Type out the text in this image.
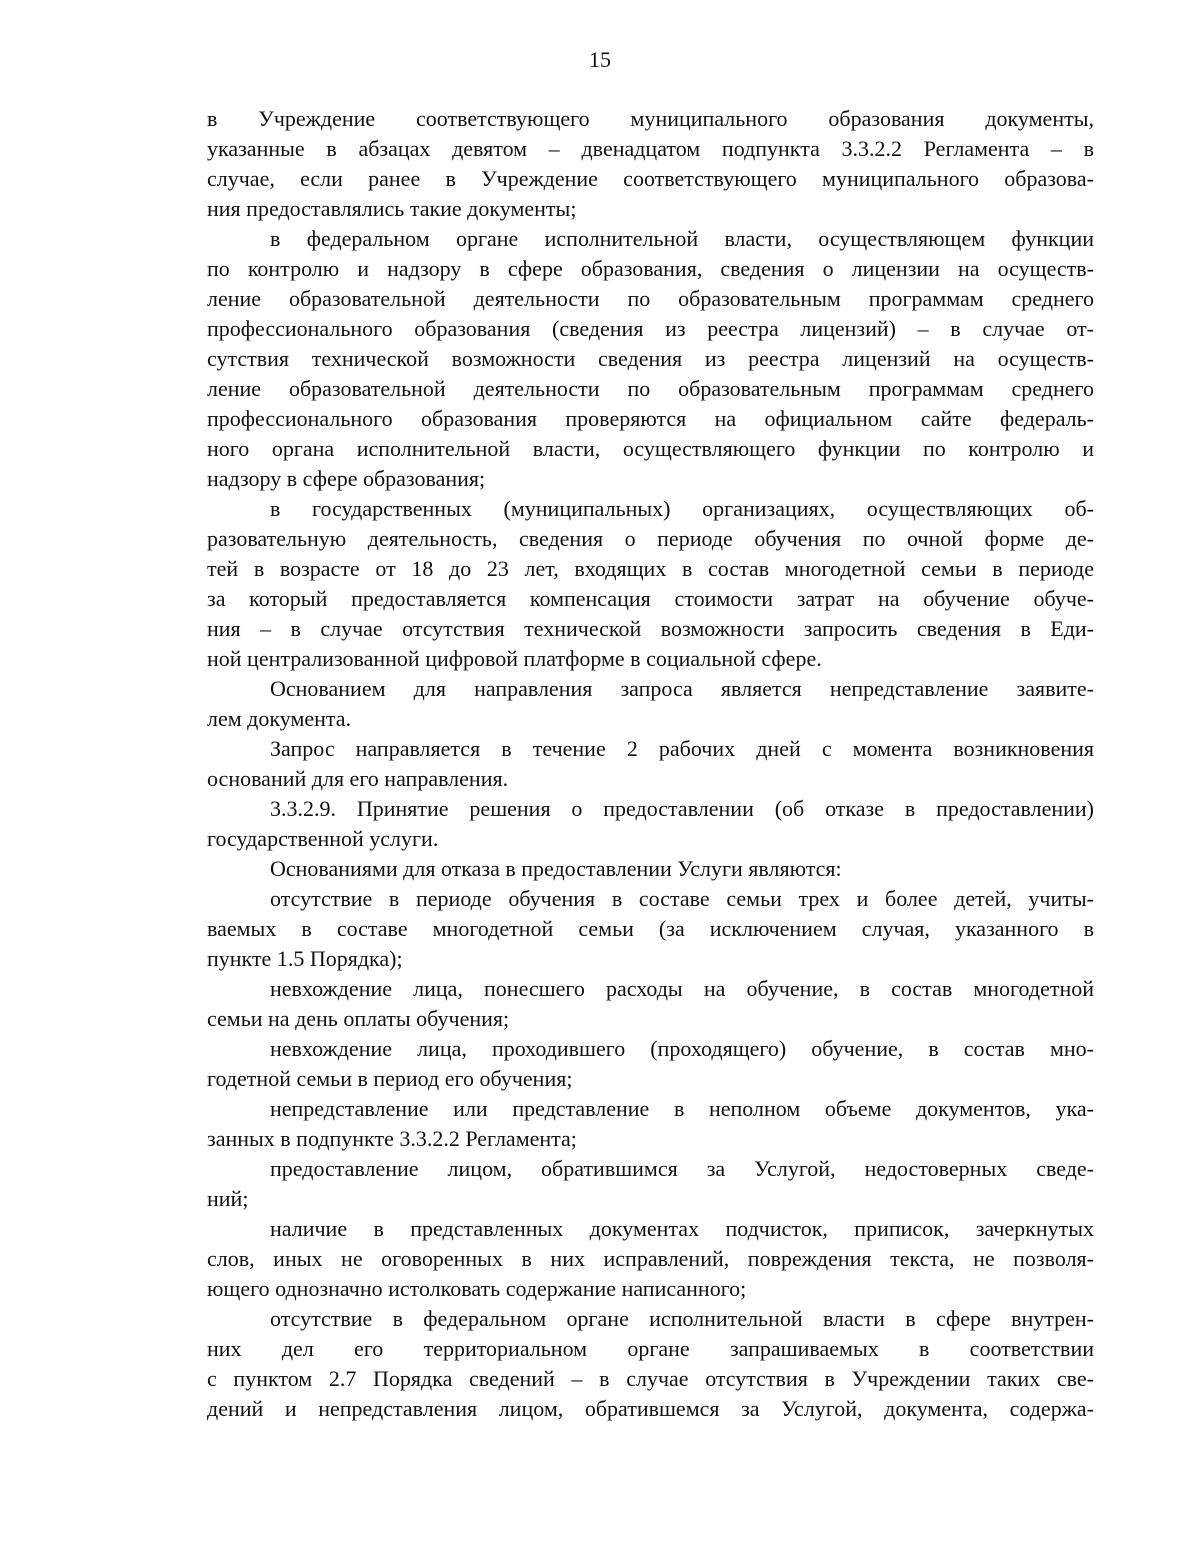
15
в Учреждение соответствующего муниципального образования документы,
указанные в абзацах девятом – двенадцатом подпункта 3.3.2.2 Регламента – в
случае, если ранее в Учреждение соответствующего муниципального образова-
ния предоставлялись такие документы;
в федеральном органе исполнительной власти, осуществляющем функции
по контролю и надзору в сфере образования, сведения о лицензии на осуществ-
ление образовательной деятельности по образовательным программам среднего
профессионального образования (сведения из реестра лицензий) – в случае от-
сутствия технической возможности сведения из реестра лицензий на осуществ-
ление образовательной деятельности по образовательным программам среднего
профессионального образования проверяются на официальном сайте федераль-
ного органа исполнительной власти, осуществляющего функции по контролю и
надзору в сфере образования;
в государственных (муниципальных) организациях, осуществляющих об-
разовательную деятельность, сведения о периоде обучения по очной форме де-
тей в возрасте от 18 до 23 лет, входящих в состав многодетной семьи в периоде
за который предоставляется компенсация стоимости затрат на обучение обуче-
ния – в случае отсутствия технической возможности запросить сведения в Еди-
ной централизованной цифровой платформе в социальной сфере.
Основанием для направления запроса является непредставление заявите-
лем документа.
Запрос направляется в течение 2 рабочих дней с момента возникновения
оснований для его направления.
3.3.2.9. Принятие решения о предоставлении (об отказе в предоставлении)
государственной услуги.
Основаниями для отказа в предоставлении Услуги являются:
отсутствие в периоде обучения в составе семьи трех и более детей, учиты-
ваемых в составе многодетной семьи (за исключением случая, указанного в
пункте 1.5 Порядка);
невхождение лица, понесшего расходы на обучение, в состав многодетной
семьи на день оплаты обучения;
невхождение лица, проходившего (проходящего) обучение, в состав мно-
годетной семьи в период его обучения;
непредставление или представление в неполном объеме документов, ука-
занных в подпункте 3.3.2.2 Регламента;
предоставление лицом, обратившимся за Услугой, недостоверных сведе-
ний;
наличие в представленных документах подчисток, приписок, зачеркнутых
слов, иных не оговоренных в них исправлений, повреждения текста, не позволя-
ющего однозначно истолковать содержание написанного;
отсутствие в федеральном органе исполнительной власти в сфере внутрен-
них дел его территориальном органе запрашиваемых в соответствии
с пунктом 2.7 Порядка сведений – в случае отсутствия в Учреждении таких све-
дений и непредставления лицом, обратившемся за Услугой, документа, содержа-
